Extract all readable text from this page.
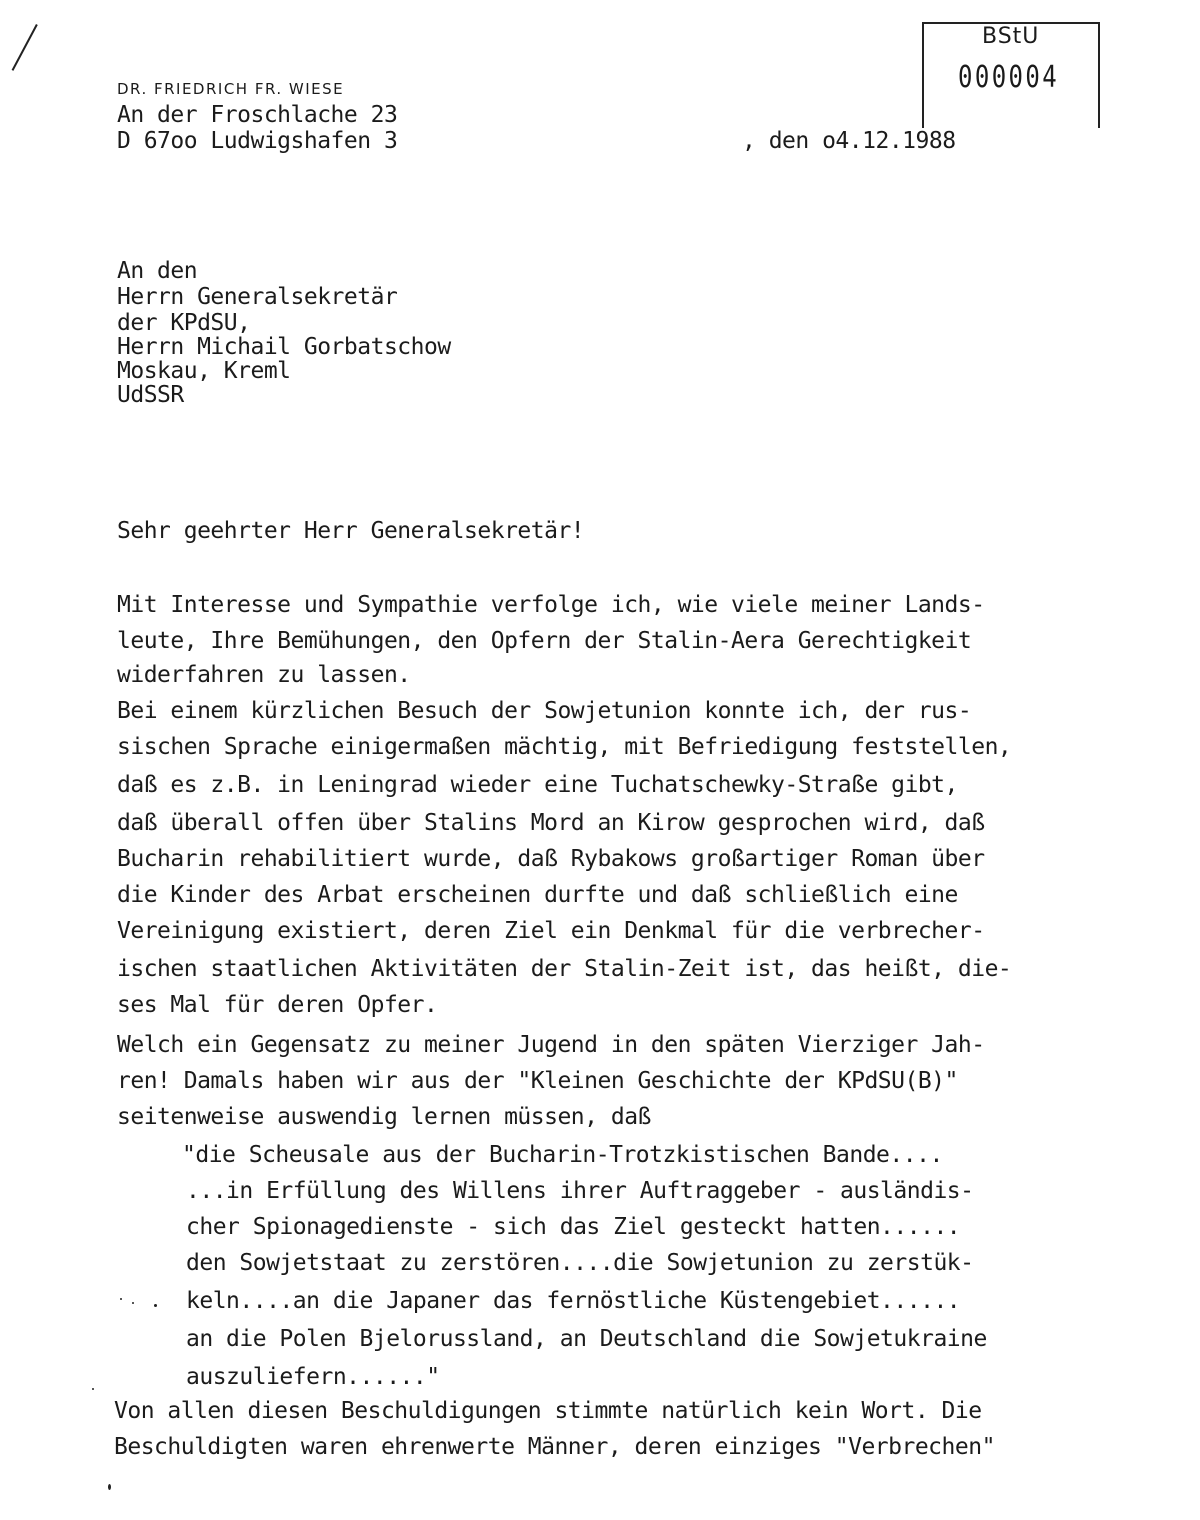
DR. FRIEDRICH FR. WIESE
An der Froschlache 23
D 67oo Ludwigshafen 3	, den o4.12.1988
BStU
000004
An den
Herrn Generalsekretär
der KPdSU,
Herrn Michail Gorbatschow
Moskau, Kreml
UdSSR
Sehr geehrter Herr Generalsekretär!
Mit Interesse und Sympathie verfolge ich, wie viele meiner Lands-
leute, Ihre Bemühungen, den Opfern der Stalin-Aera Gerechtigkeit
widerfahren zu lassen.
Bei einem kürzlichen Besuch der Sowjetunion konnte ich, der rus-
sischen Sprache einigermaßen mächtig, mit Befriedigung feststellen,
daß es z.B. in Leningrad wieder eine Tuchatschewky-Straße gibt,
daß überall offen über Stalins Mord an Kirow gesprochen wird, daß
Bucharin rehabilitiert wurde, daß Rybakows großartiger Roman über
die Kinder des Arbat erscheinen durfte und daß schließlich eine
Vereinigung existiert, deren Ziel ein Denkmal für die verbrecher-
ischen staatlichen Aktivitäten der Stalin-Zeit ist, das heißt, die-
ses Mal für deren Opfer.
Welch ein Gegensatz zu meiner Jugend in den späten Vierziger Jah-
ren! Damals haben wir aus der "Kleinen Geschichte der KPdSU(B)"
seitenweise auswendig lernen müssen, daß
"die Scheusale aus der Bucharin-Trotzkistischen Bande....
...in Erfüllung des Willens ihrer Auftraggeber - ausländis-
cher Spionagedienste - sich das Ziel gesteckt hatten......
den Sowjetstaat zu zerstören....die Sowjetunion zu zerstük-
keln....an die Japaner das fernöstliche Küstengebiet......
an die Polen Bjelorussland, an Deutschland die Sowjetukraine
auszuliefern......"
Von allen diesen Beschuldigungen stimmte natürlich kein Wort. Die
Beschuldigten waren ehrenwerte Männer, deren einziges "Verbrechen"
